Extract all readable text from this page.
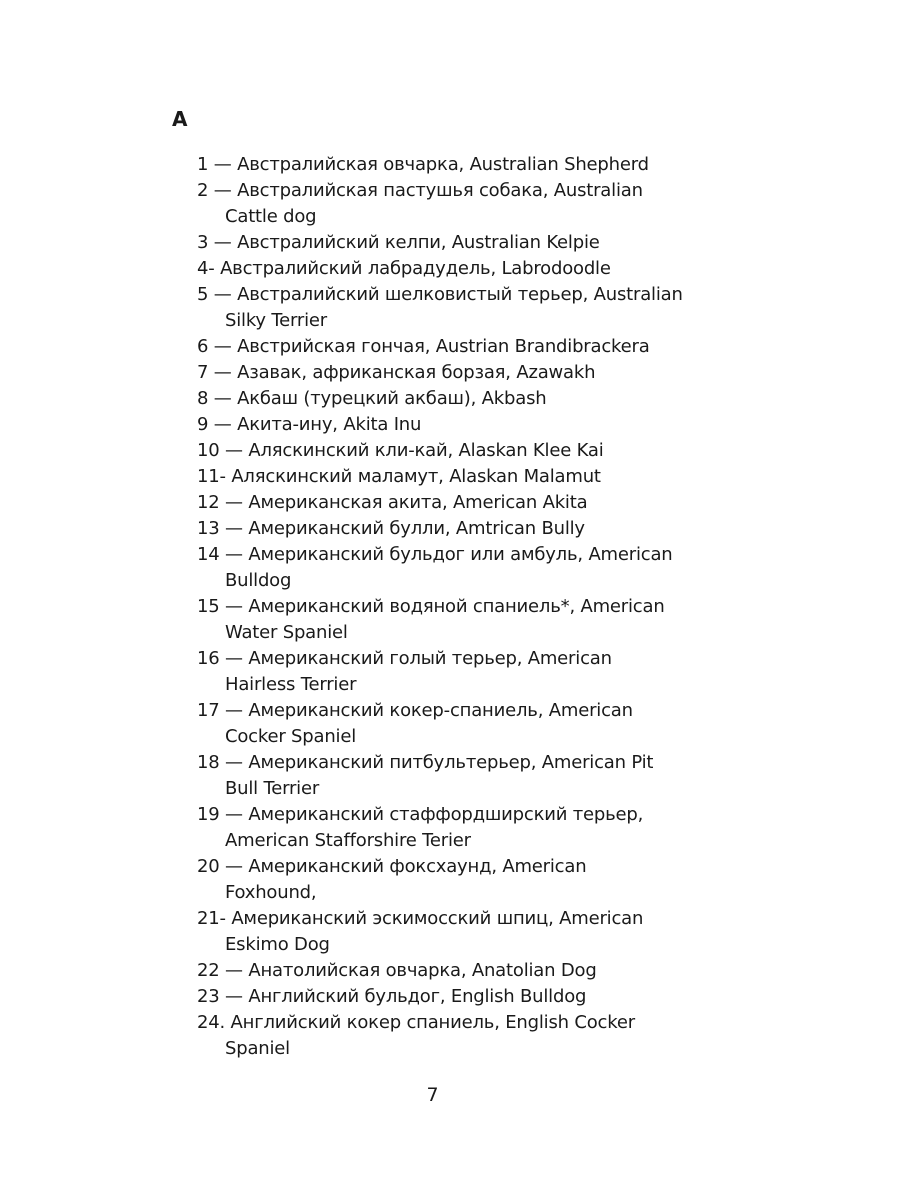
А
1 — Австралийская овчарка, Australian Shepherd
2 — Австралийская пастушья собака, Australian
Cattle dog
3 — Австралийский келпи, Australian Kelpie
4- Австралийский лабрадудель, Labrodoodle
5 — Австралийский шелковистый терьер, Australian
Silky Terrier
6 — Австрийская гончая, Austrian Brandibrackera
7 — Азавак, африканская борзая, Azawakh
8 — Акбаш (турецкий акбаш), Akbash
9 — Акита-ину, Akita Inu
10 — Аляскинский кли-кай, Alaskan Klee Kai
11- Аляскинский маламут, Alaskan Malamut
12 — Американская акита, American Akita
13 — Американский булли, Amtrican Bully
14 — Американский бульдог или амбуль, American
Bulldog
15 — Американский водяной спаниель*, American
Water Spaniel
16 — Американский голый терьер, American
Hairless Terrier
17 — Американский кокер-спаниель, American
Cocker Spaniel
18 — Американский питбультерьер, American Pit
Bull Terrier
19 — Американский стаффордширский терьер,
American Stafforshire Terier
20 — Американский фоксхаунд, American
Foxhound,
21- Американский эскимосский шпиц, American
Eskimo Dog
22 — Анатолийская овчарка, Anatolian Dog
23 — Английский бульдог, English Bulldog
24. Английский кокер спаниель, English Cocker
Spaniel
7
